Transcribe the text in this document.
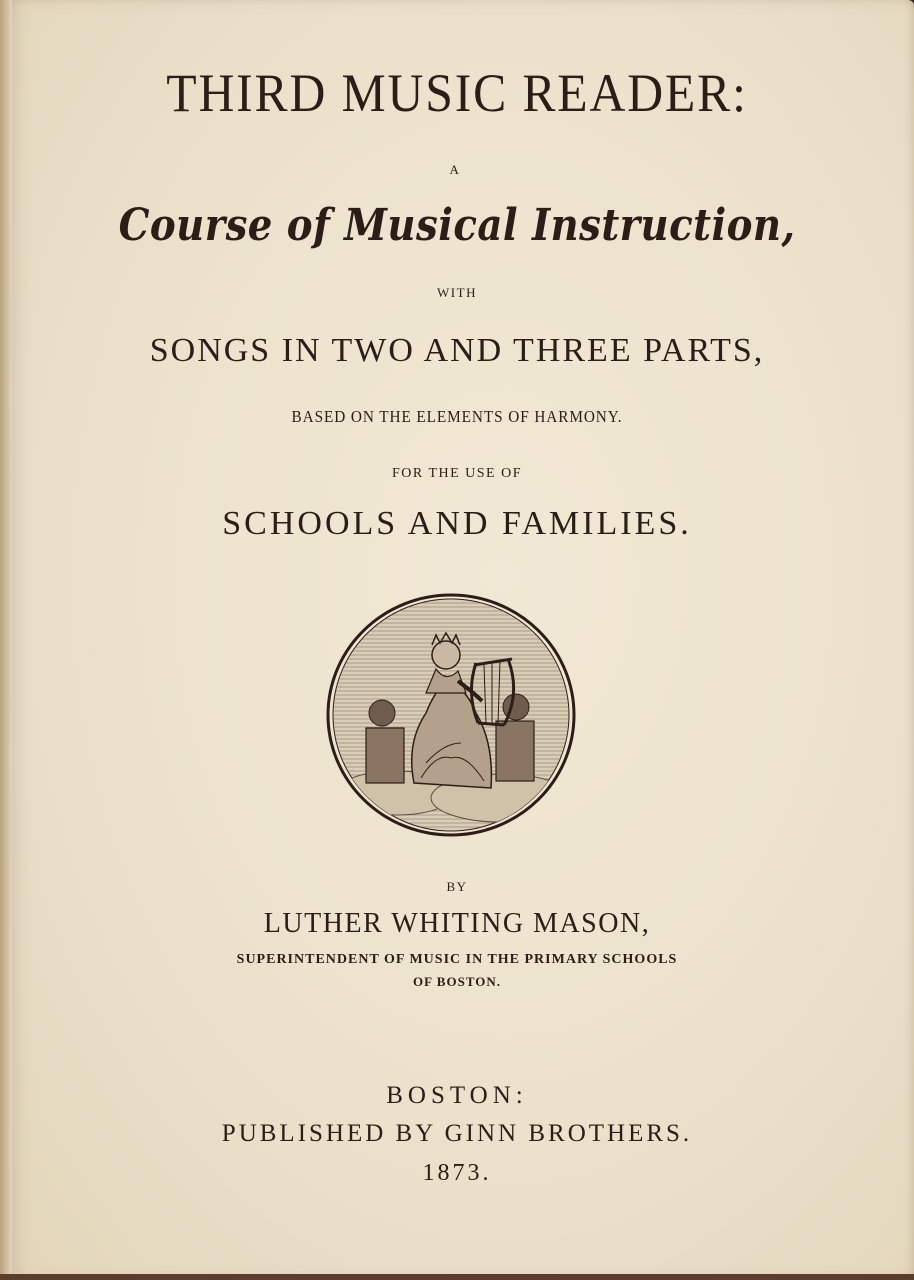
THIRD MUSIC READER:
A
Course of Musical Instruction,
WITH
SONGS IN TWO AND THREE PARTS,
BASED ON THE ELEMENTS OF HARMONY.
FOR THE USE OF
SCHOOLS AND FAMILIES.
BY
LUTHER WHITING MASON,
SUPERINTENDENT OF MUSIC IN THE PRIMARY SCHOOLS
OF BOSTON.
BOSTON:
PUBLISHED BY GINN BROTHERS.
1873.
